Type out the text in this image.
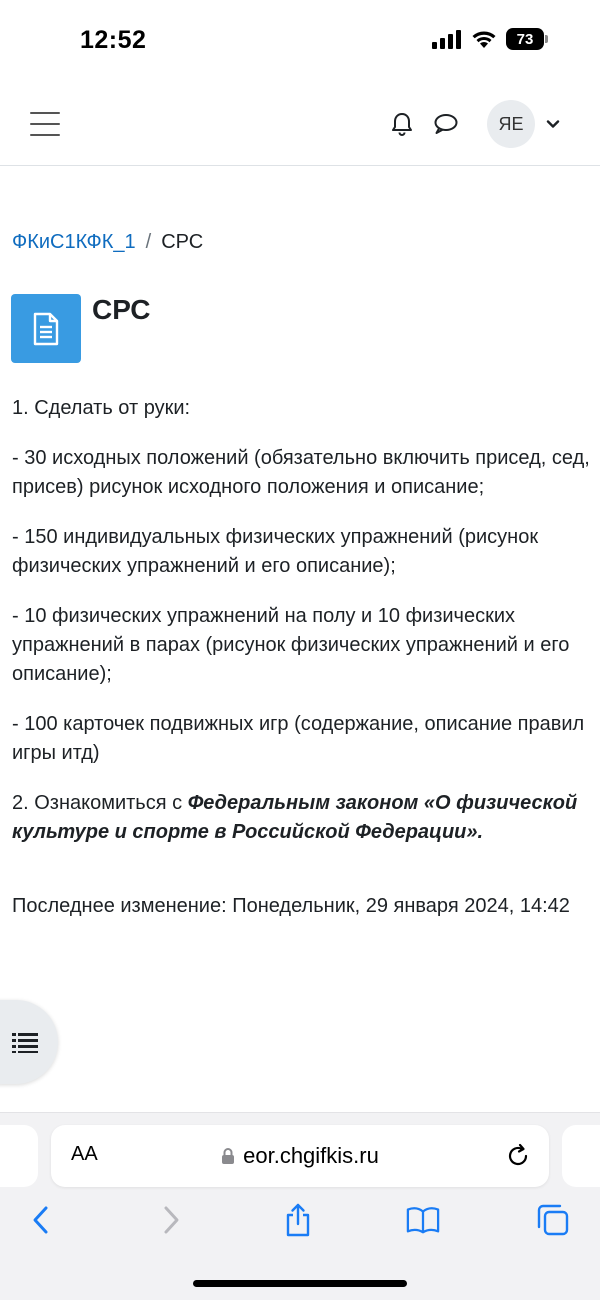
12:52	73
ЯЕ
ФКиС1КФК_1 / СРС
СРС

1. Сделать от руки:

- 30 исходных положений (обязательно включить присед, сед, присев) рисунок исходного положения и описание;

- 150 индивидуальных физических упражнений (рисунок физических упражнений и его описание);

- 10 физических упражнений на полу и 10 физических упражнений в парах (рисунок физических упражнений и его описание);

- 100 карточек подвижных игр (содержание, описание правил игры итд)

2. Ознакомиться с Федеральным законом «О физической культуре и спорте в Российской Федерации».

Последнее изменение: Понедельник, 29 января 2024, 14:42

AA	eor.chgifkis.ru
